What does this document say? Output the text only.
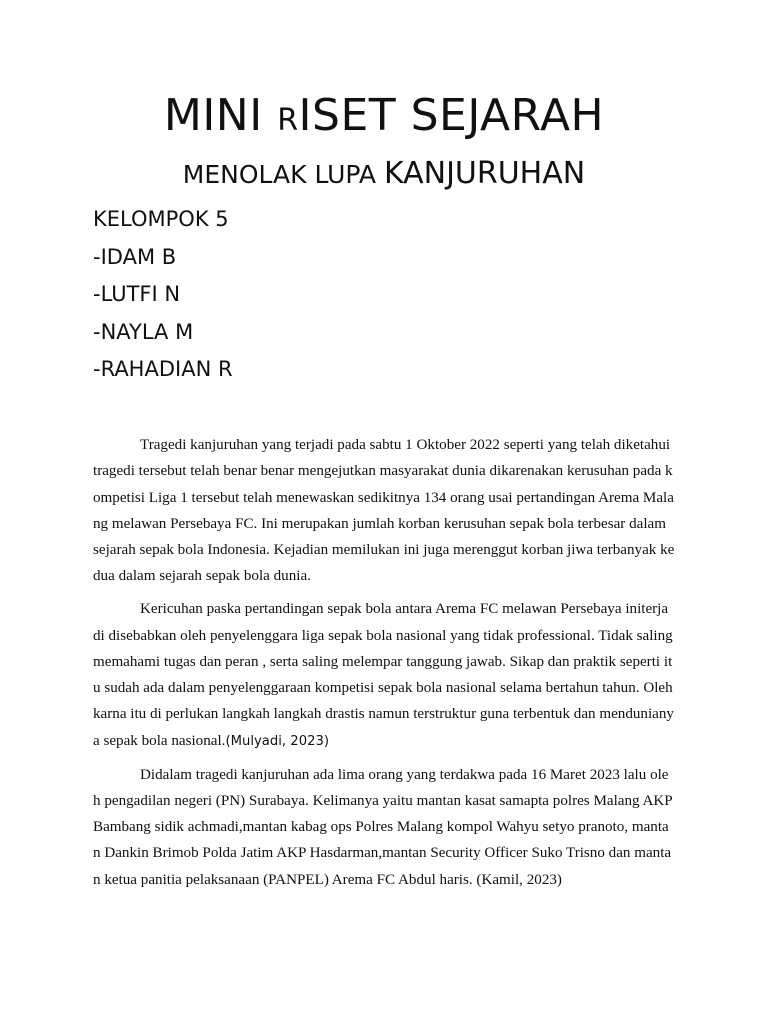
MINI RISET SEJARAH
MENOLAK LUPA KANJURUHAN
KELOMPOK 5
-IDAM B
-LUTFI N
-NAYLA M
-RAHADIAN R

Tragedi kanjuruhan yang terjadi pada sabtu 1 Oktober 2022 seperti yang telah diketahui tragedi tersebut telah benar benar mengejutkan masyarakat dunia dikarenakan kerusuhan pada kompetisi Liga 1 tersebut telah menewaskan sedikitnya 134 orang usai pertandingan Arema Malang melawan Persebaya FC. Ini merupakan jumlah korban kerusuhan sepak bola terbesar dalam sejarah sepak bola Indonesia. Kejadian memilukan ini juga merenggut korban jiwa terbanyak kedua dalam sejarah sepak bola dunia.

Kericuhan paska pertandingan sepak bola antara Arema FC melawan Persebaya initerjadi disebabkan oleh penyelenggara liga sepak bola nasional yang tidak professional. Tidak saling memahami tugas dan peran , serta saling melempar tanggung jawab. Sikap dan praktik seperti itu sudah ada dalam penyelenggaraan kompetisi sepak bola nasional selama bertahun tahun. Oleh karna itu di perlukan langkah langkah drastis namun terstruktur guna terbentuk dan mendunianya sepak bola nasional.(Mulyadi, 2023)

Didalam tragedi kanjuruhan ada lima orang yang terdakwa pada 16 Maret 2023 lalu oleh pengadilan negeri (PN) Surabaya. Kelimanya yaitu mantan kasat samapta polres Malang AKP Bambang sidik achmadi,mantan kabag ops Polres Malang kompol Wahyu setyo pranoto, mantan Dankin Brimob Polda Jatim AKP Hasdarman,mantan Security Officer Suko Trisno dan mantan ketua panitia pelaksanaan (PANPEL) Arema FC Abdul haris. (Kamil, 2023)
